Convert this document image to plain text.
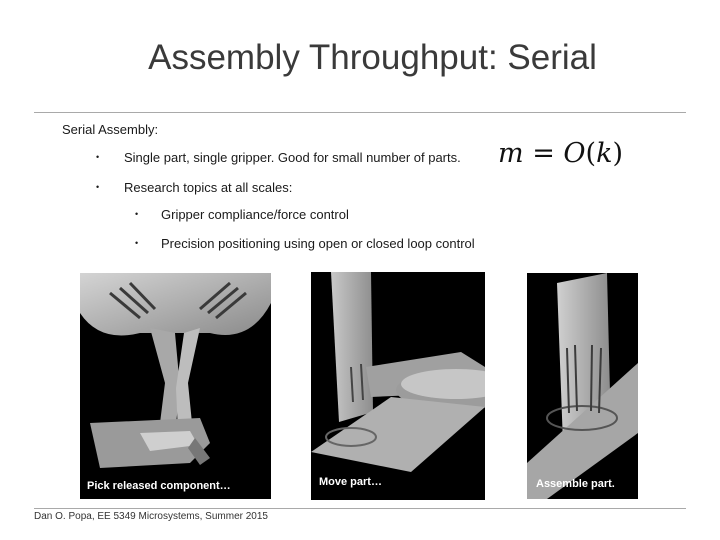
Assembly Throughput: Serial
Serial Assembly:
• Single part, single gripper. Good for small number of parts.
• Research topics at all scales:
• Gripper compliance/force control
• Precision positioning using open or closed loop control
m = O(k)
Pick released component…	Move part…	Assemble part.
Dan O. Popa, EE 5349 Microsystems, Summer 2015
